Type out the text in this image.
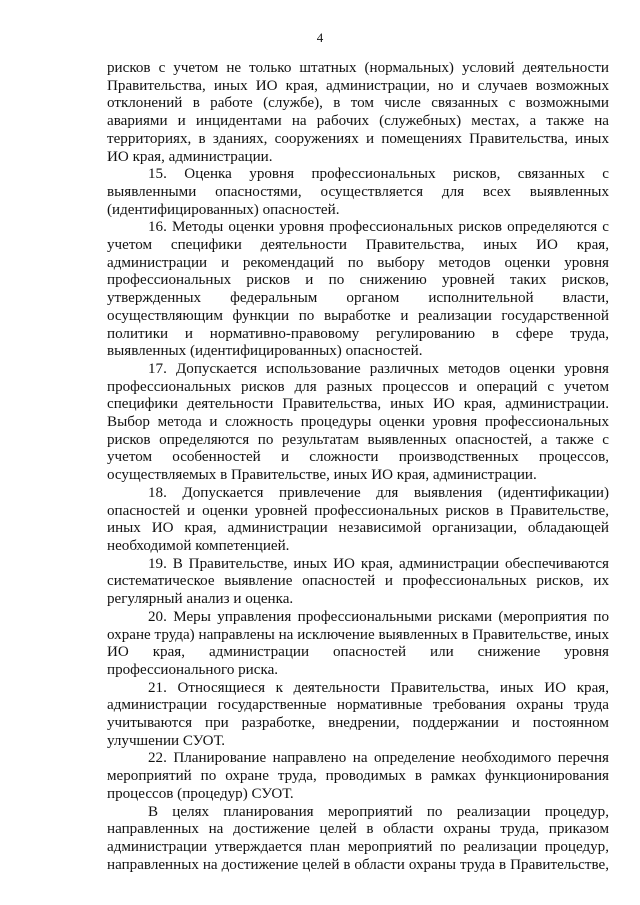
4

рисков с учетом не только штатных (нормальных) условий деятельности Правительства, иных ИО края, администрации, но и случаев возможных отклонений в работе (службе), в том числе связанных с возможными авариями и инцидентами на рабочих (служебных) местах, а также на территориях, в зданиях, сооружениях и помещениях Правительства, иных ИО края, администрации.

15. Оценка уровня профессиональных рисков, связанных с выявленными опасностями, осуществляется для всех выявленных (идентифицированных) опасностей.

16. Методы оценки уровня профессиональных рисков определяются с учетом специфики деятельности Правительства, иных ИО края, администрации и рекомендаций по выбору методов оценки уровня профессиональных рисков и по снижению уровней таких рисков, утвержденных федеральным органом исполнительной власти, осуществляющим функции по выработке и реализации государственной политики и нормативно-правовому регулированию в сфере труда, выявленных (идентифицированных) опасностей.

17. Допускается использование различных методов оценки уровня профессиональных рисков для разных процессов и операций с учетом специфики деятельности Правительства, иных ИО края, администрации. Выбор метода и сложность процедуры оценки уровня профессиональных рисков определяются по результатам выявленных опасностей, а также с учетом особенностей и сложности производственных процессов, осуществляемых в Правительстве, иных ИО края, администрации.

18. Допускается привлечение для выявления (идентификации) опасностей и оценки уровней профессиональных рисков в Правительстве, иных ИО края, администрации независимой организации, обладающей необходимой компетенцией.

19. В Правительстве, иных ИО края, администрации обеспечиваются систематическое выявление опасностей и профессиональных рисков, их регулярный анализ и оценка.

20. Меры управления профессиональными рисками (мероприятия по охране труда) направлены на исключение выявленных в Правительстве, иных ИО края, администрации опасностей или снижение уровня профессионального риска.

21. Относящиеся к деятельности Правительства, иных ИО края, администрации государственные нормативные требования охраны труда учитываются при разработке, внедрении, поддержании и постоянном улучшении СУОТ.

22. Планирование направлено на определение необходимого перечня мероприятий по охране труда, проводимых в рамках функционирования процессов (процедур) СУОТ.

В целях планирования мероприятий по реализации процедур, направленных на достижение целей в области охраны труда, приказом администрации утверждается план мероприятий по реализации процедур, направленных на достижение целей в области охраны труда в Правительстве,
